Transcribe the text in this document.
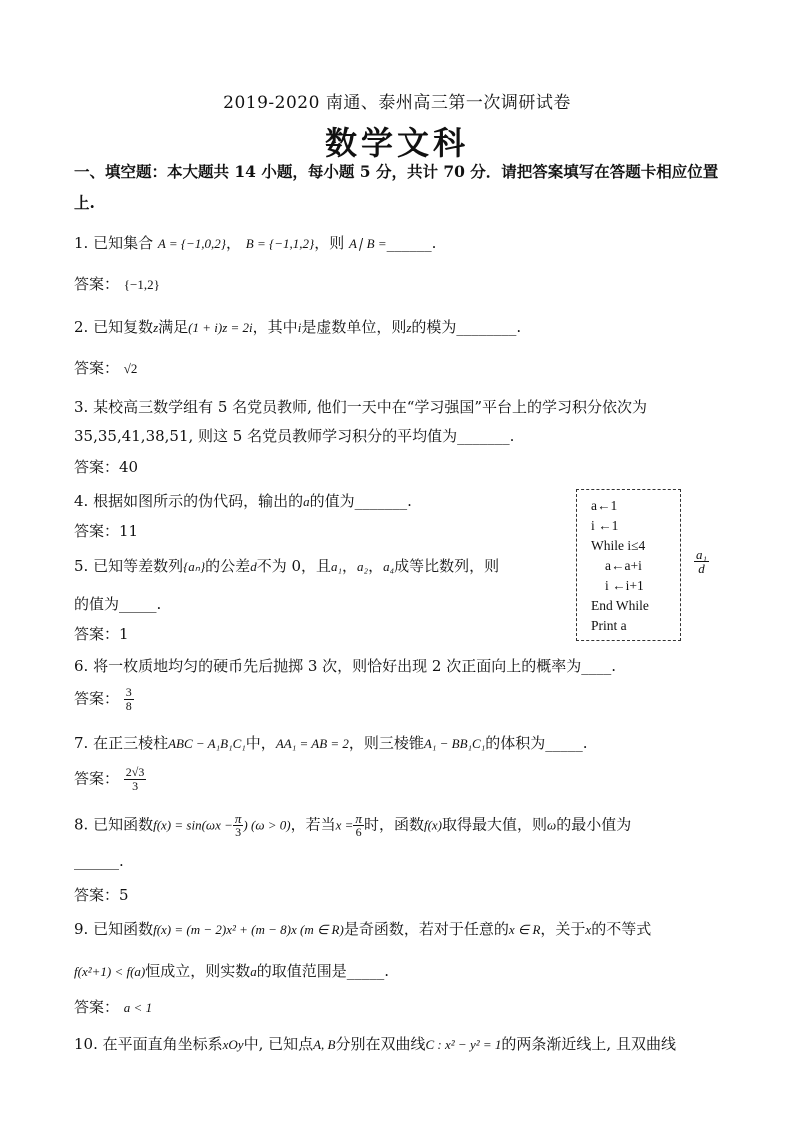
2019-2020 南通、泰州高三第一次调研试卷
数学文科
一、填空题：本大题共 14 小题，每小题 5 分，共计 70 分．请把答案填写在答题卡相应位置
上.
1. 已知集合 A = {−1,0,2}， B = {−1,1,2}，则 A∣ B =______.
答案： {−1,2}
2. 已知复数z满足(1 + i)z = 2i，其中i是虚数单位，则z的模为________.
答案： √2
3. 某校高三数学组有 5 名党员教师, 他们一天中在“学习强国”平台上的学习积分依次为
35,35,41,38,51, 则这 5 名党员教师学习积分的平均值为_______.
答案：40
4. 根据如图所示的伪代码，输出的a的值为_______.
答案：11
a←1
i ←1
While i≤4
a←a+i
i ←i+1
End While
Print a
5. 已知等差数列{aₙ}的公差d不为 0，且a₁，a₂，a₄成等比数列，则	$\frac{\text{a₁}}{d}$
的值为_____.
答案：1
6. 将一枚质地均匀的硬币先后抛掷 3 次，则恰好出现 2 次正面向上的概率为____.
答案： $\frac{3}{8}$
7. 在正三棱柱ABC − A₁B₁C₁中，AA₁ = AB = 2，则三棱锥A₁ − BB₁C₁的体积为_____.
答案： $\frac{2√3}{3}$
8. 已知函数$f(x) = \sin(\omega x - \frac{\pi}{3}$ ) (ω > 0)，若当$x = \frac{\pi}{6}$ 时，函数f(x)取得最大值，则ω的最小值为
______.
答案：5
9. 已知函数f(x) = (m − 2)x² + (m − 8)x (m ∈ R)是奇函数，若对于任意的x ∈ R，关于x的不等式
f(x²+1) < f(a)恒成立，则实数a的取值范围是_____.
答案： a < 1
10. 在平面直角坐标系xOy中, 已知点A, B分别在双曲线C : x² − y² = 1的两条渐近线上, 且双曲线
